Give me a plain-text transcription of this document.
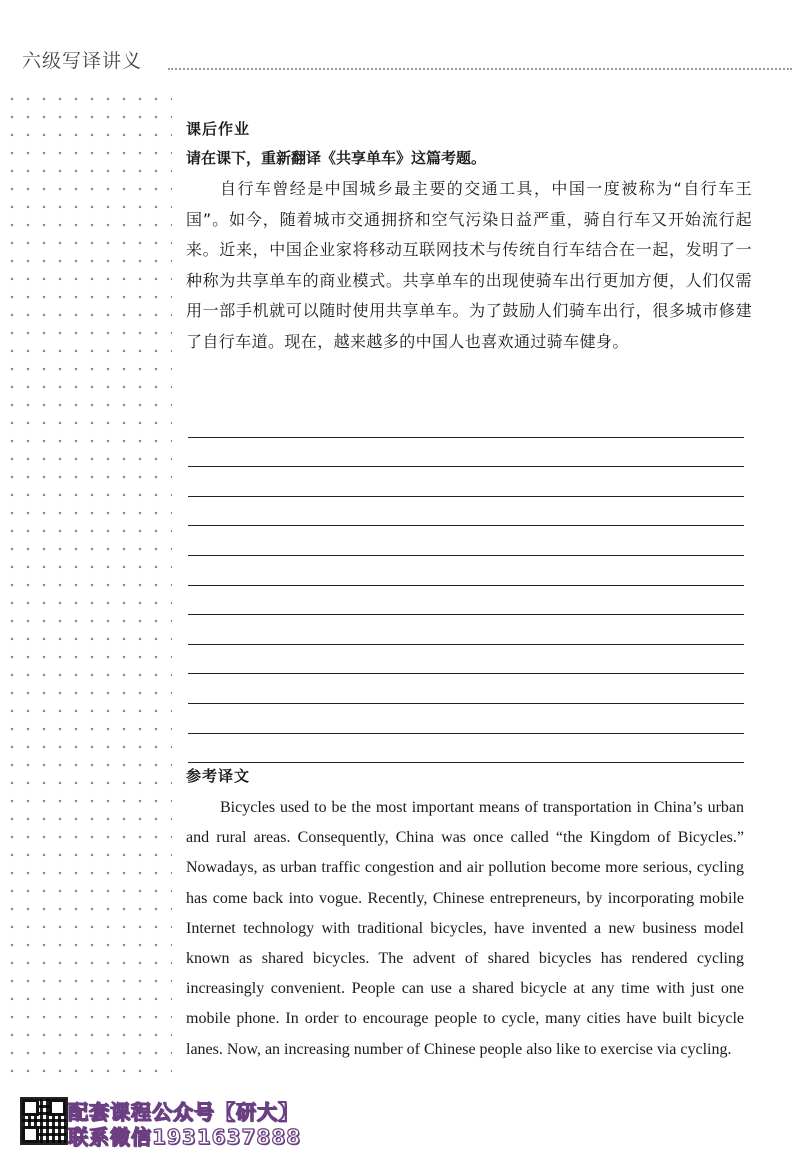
六级写译讲义
课后作业
请在课下，重新翻译《共享单车》这篇考题。

自行车曾经是中国城乡最主要的交通工具，中国一度被称为“自行车王国”。如今，随着城市交通拥挤和空气污染日益严重，骑自行车又开始流行起来。近来，中国企业家将移动互联网技术与传统自行车结合在一起，发明了一种称为共享单车的商业模式。共享单车的出现使骑车出行更加方便，人们仅需用一部手机就可以随时使用共享单车。为了鼓励人们骑车出行，很多城市修建了自行车道。现在，越来越多的中国人也喜欢通过骑车健身。

参考译文

Bicycles used to be the most important means of transportation in China’s urban and rural areas. Consequently, China was once called “the Kingdom of Bicycles.” Nowadays, as urban traffic congestion and air pollution become more serious, cycling has come back into vogue. Recently, Chinese entrepreneurs, by incorporating mobile Internet technology with traditional bicycles, have invented a new business model known as shared bicycles. The advent of shared bicycles has rendered cycling increasingly convenient. People can use a shared bicycle at any time with just one mobile phone. In order to encourage people to cycle, many cities have built bicycle lanes. Now, an increasing number of Chinese people also like to exercise via cycling.

配套课程公众号【研大】
联系微信1931637888
